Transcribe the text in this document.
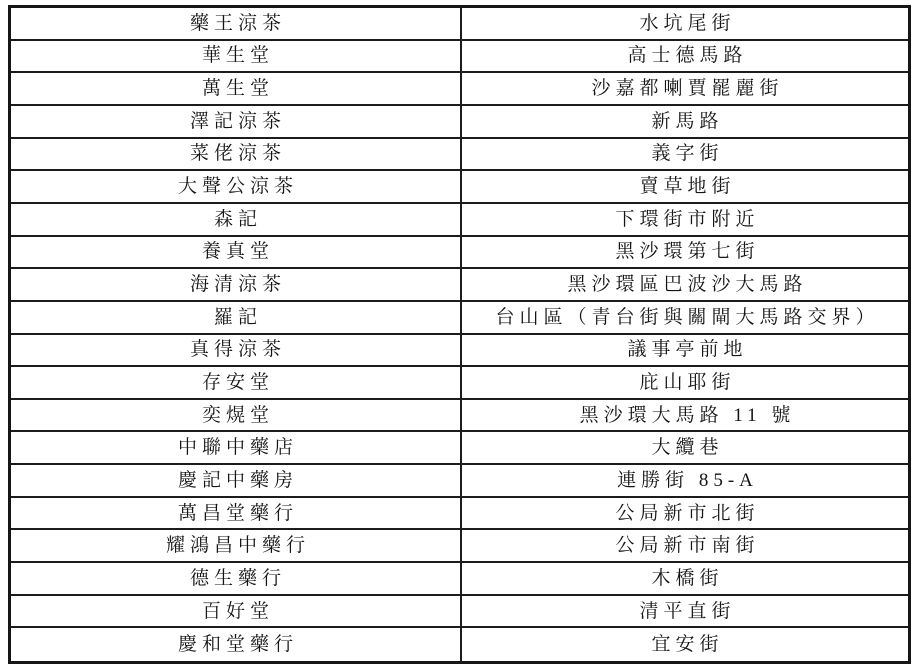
藥王涼茶	水坑尾街
華生堂	高士德馬路
萬生堂	沙嘉都喇賈罷麗街
澤記涼茶	新馬路
菜佬涼茶	義字街
大聲公涼茶	賣草地街
森記	下環街市附近
養真堂	黑沙環第七街
海清涼茶	黑沙環區巴波沙大馬路
羅記	台山區（青台街與關閘大馬路交界）
真得涼茶	議事亭前地
存安堂	庇山耶街
奕熀堂	黑沙環大馬路 11 號
中聯中藥店	大纜巷
慶記中藥房	連勝街 85-A
萬昌堂藥行	公局新市北街
耀鴻昌中藥行	公局新市南街
德生藥行	木橋街
百好堂	清平直街
慶和堂藥行	宜安街
